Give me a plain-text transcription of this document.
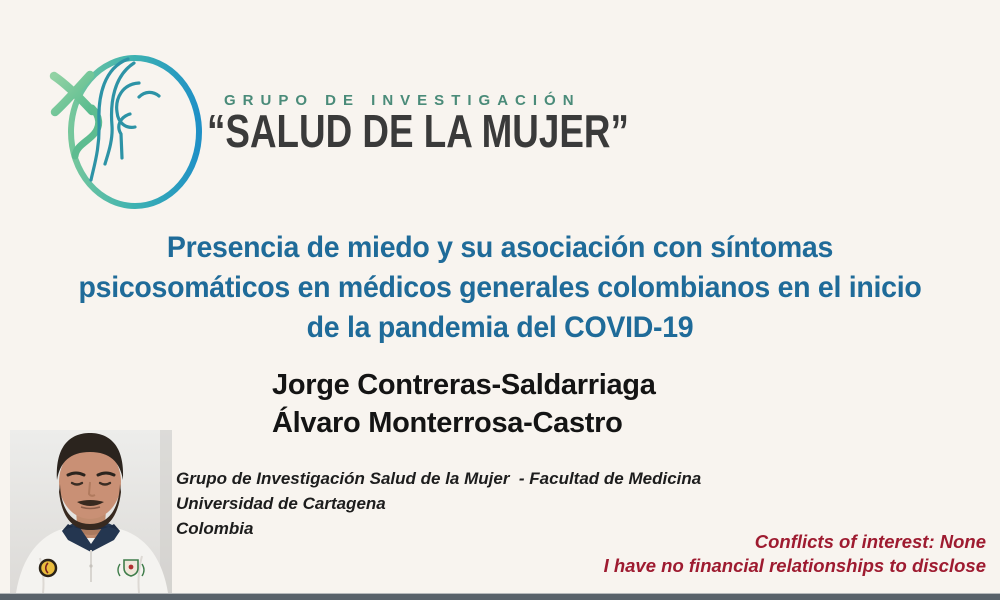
GRUPO DE INVESTIGACIÓN
“SALUD DE LA MUJER”
Presencia de miedo y su asociación con síntomas
psicosomáticos en médicos generales colombianos en el inicio
de la pandemia del COVID-19
Jorge Contreras-Saldarriaga
Álvaro Monterrosa-Castro
Grupo de Investigación Salud de la Mujer  - Facultad de Medicina
Universidad de Cartagena
Colombia
Conflicts of interest: None
I have no financial relationships to disclose
